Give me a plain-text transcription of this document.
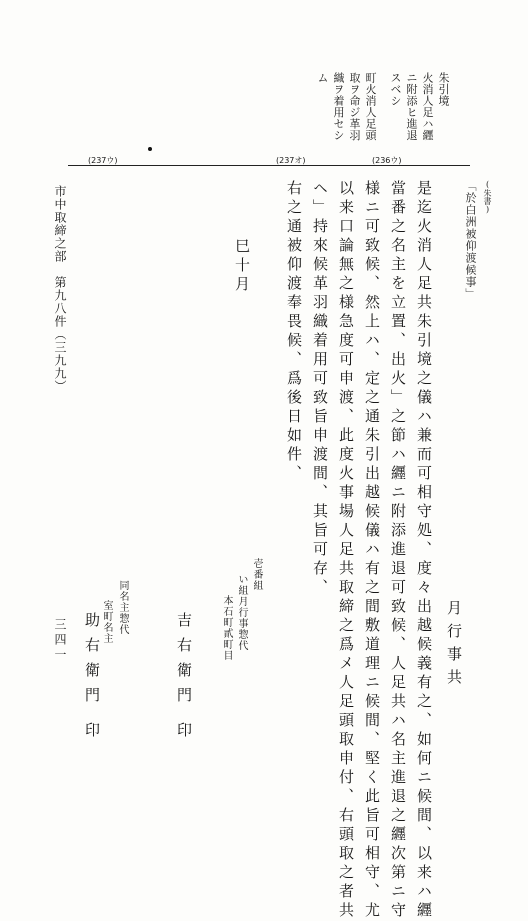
朱引境
火消人足ハ纒
ニ附添ヒ進退
スベシ
町火消人足頭
取ヲ命ジ革羽
織ヲ着用セシ
ム
(236ウ)
(237オ)
(237ウ)
(朱書)
「於白洲被仰渡候事」
月行事共
是迄火消人足共朱引境之儀ハ兼而可相守処、度々出越候義有之、如何ニ候間、以来ハ纒
當番之名主を立置、出火」之節ハ纒ニ附添進退可致候、人足共ハ名主進退之纒次第ニ守
様ニ可致候、然上ハ、定之通朱引出越候儀ハ有之間敷道理ニ候間、堅く此旨可相守、尤
以来口論無之様急度可申渡、此度火事場人足共取締之爲メ人足頭取申付、右頭取之者共
ヘ」持來候革羽織着用可致旨申渡間、其旨可存、
右之通被仰渡奉畏候、爲後日如件、
巳十月
壱番組
い組月行事惣代
本石町貳町目
吉右衛門
印
同名主惣代
室町名主
助右衛門
印
市中取締之部　第九八件（三九九）
三四一
